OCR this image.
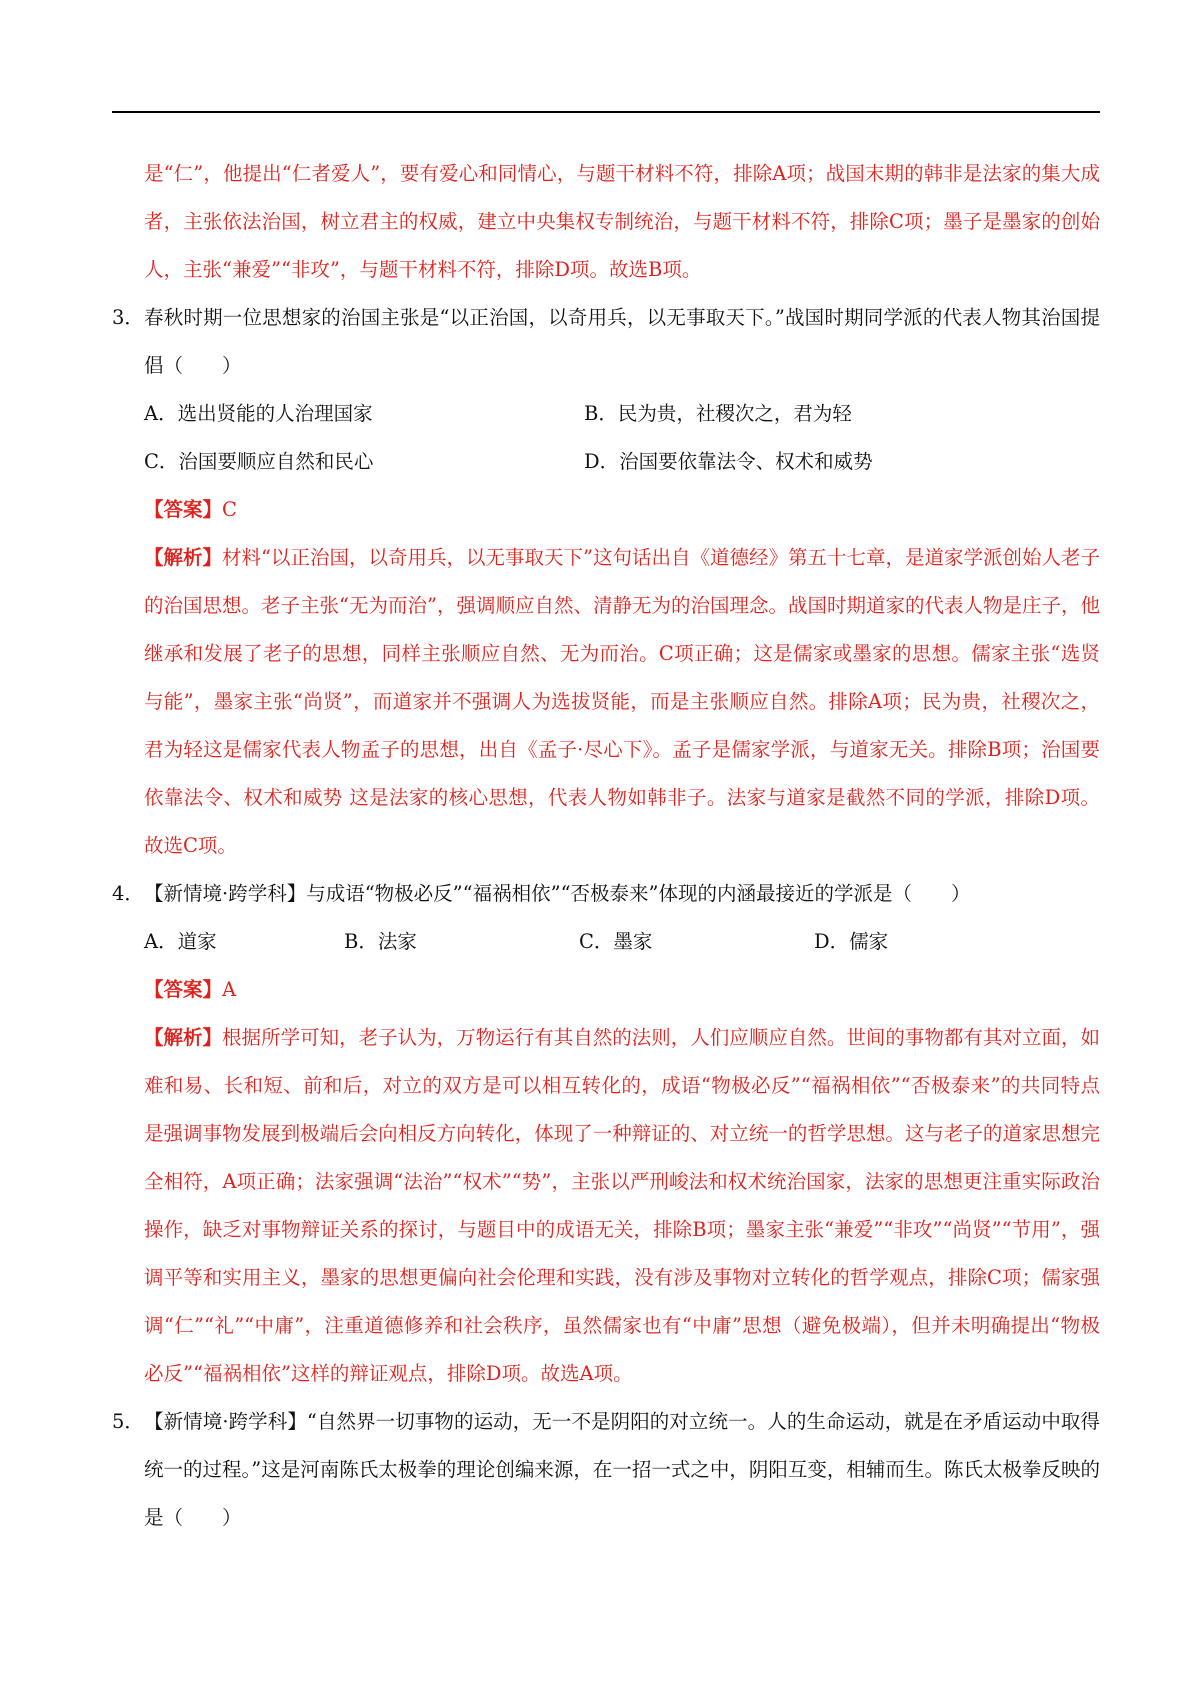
是“仁”，他提出“仁者爱人”，要有爱心和同情心，与题干材料不符，排除A项；战国末期的韩非是法家的集大成者，主张依法治国，树立君主的权威，建立中央集权专制统治，与题干材料不符，排除C项；墨子是墨家的创始人，主张“兼爱”“非攻”，与题干材料不符，排除D项。故选B项。
3． 春秋时期一位思想家的治国主张是“以正治国，以奇用兵，以无事取天下。”战国时期同学派的代表人物其治国提倡（　　）
A．选出贤能的人治理国家	B．民为贵，社稷次之，君为轻
C．治国要顺应自然和民心	D．治国要依靠法令、权术和威势
【答案】C
【解析】材料“以正治国，以奇用兵，以无事取天下”这句话出自《道德经》第五十七章，是道家学派创始人老子的治国思想。老子主张“无为而治”，强调顺应自然、清静无为的治国理念。战国时期道家的代表人物是庄子，他继承和发展了老子的思想，同样主张顺应自然、无为而治。C项正确；这是儒家或墨家的思想。儒家主张“选贤与能”，墨家主张“尚贤”，而道家并不强调人为选拔贤能，而是主张顺应自然。排除A项；民为贵，社稷次之，君为轻这是儒家代表人物孟子的思想，出自《孟子·尽心下》。孟子是儒家学派，与道家无关。排除B项；治国要依靠法令、权术和威势 这是法家的核心思想，代表人物如韩非子。法家与道家是截然不同的学派，排除D项。故选C项。
4． 【新情境·跨学科】与成语“物极必反”“福祸相依”“否极泰来”体现的内涵最接近的学派是（　　）
A．道家	B．法家	C．墨家	D．儒家
【答案】A
【解析】根据所学可知，老子认为，万物运行有其自然的法则，人们应顺应自然。世间的事物都有其对立面，如难和易、长和短、前和后，对立的双方是可以相互转化的，成语“物极必反”“福祸相依”“否极泰来”的共同特点是强调事物发展到极端后会向相反方向转化，体现了一种辩证的、对立统一的哲学思想。这与老子的道家思想完全相符，A项正确；法家强调“法治”“权术”“势”，主张以严刑峻法和权术统治国家，法家的思想更注重实际政治操作，缺乏对事物辩证关系的探讨，与题目中的成语无关，排除B项；墨家主张“兼爱”“非攻”“尚贤”“节用”，强调平等和实用主义，墨家的思想更偏向社会伦理和实践，没有涉及事物对立转化的哲学观点，排除C项；儒家强调“仁”“礼”“中庸”，注重道德修养和社会秩序，虽然儒家也有“中庸”思想（避免极端），但并未明确提出“物极必反”“福祸相依”这样的辩证观点，排除D项。故选A项。
5． 【新情境·跨学科】“自然界一切事物的运动，无一不是阴阳的对立统一。人的生命运动，就是在矛盾运动中取得统一的过程。”这是河南陈氏太极拳的理论创编来源，在一招一式之中，阴阳互变，相辅而生。陈氏太极拳反映的是（　　）
